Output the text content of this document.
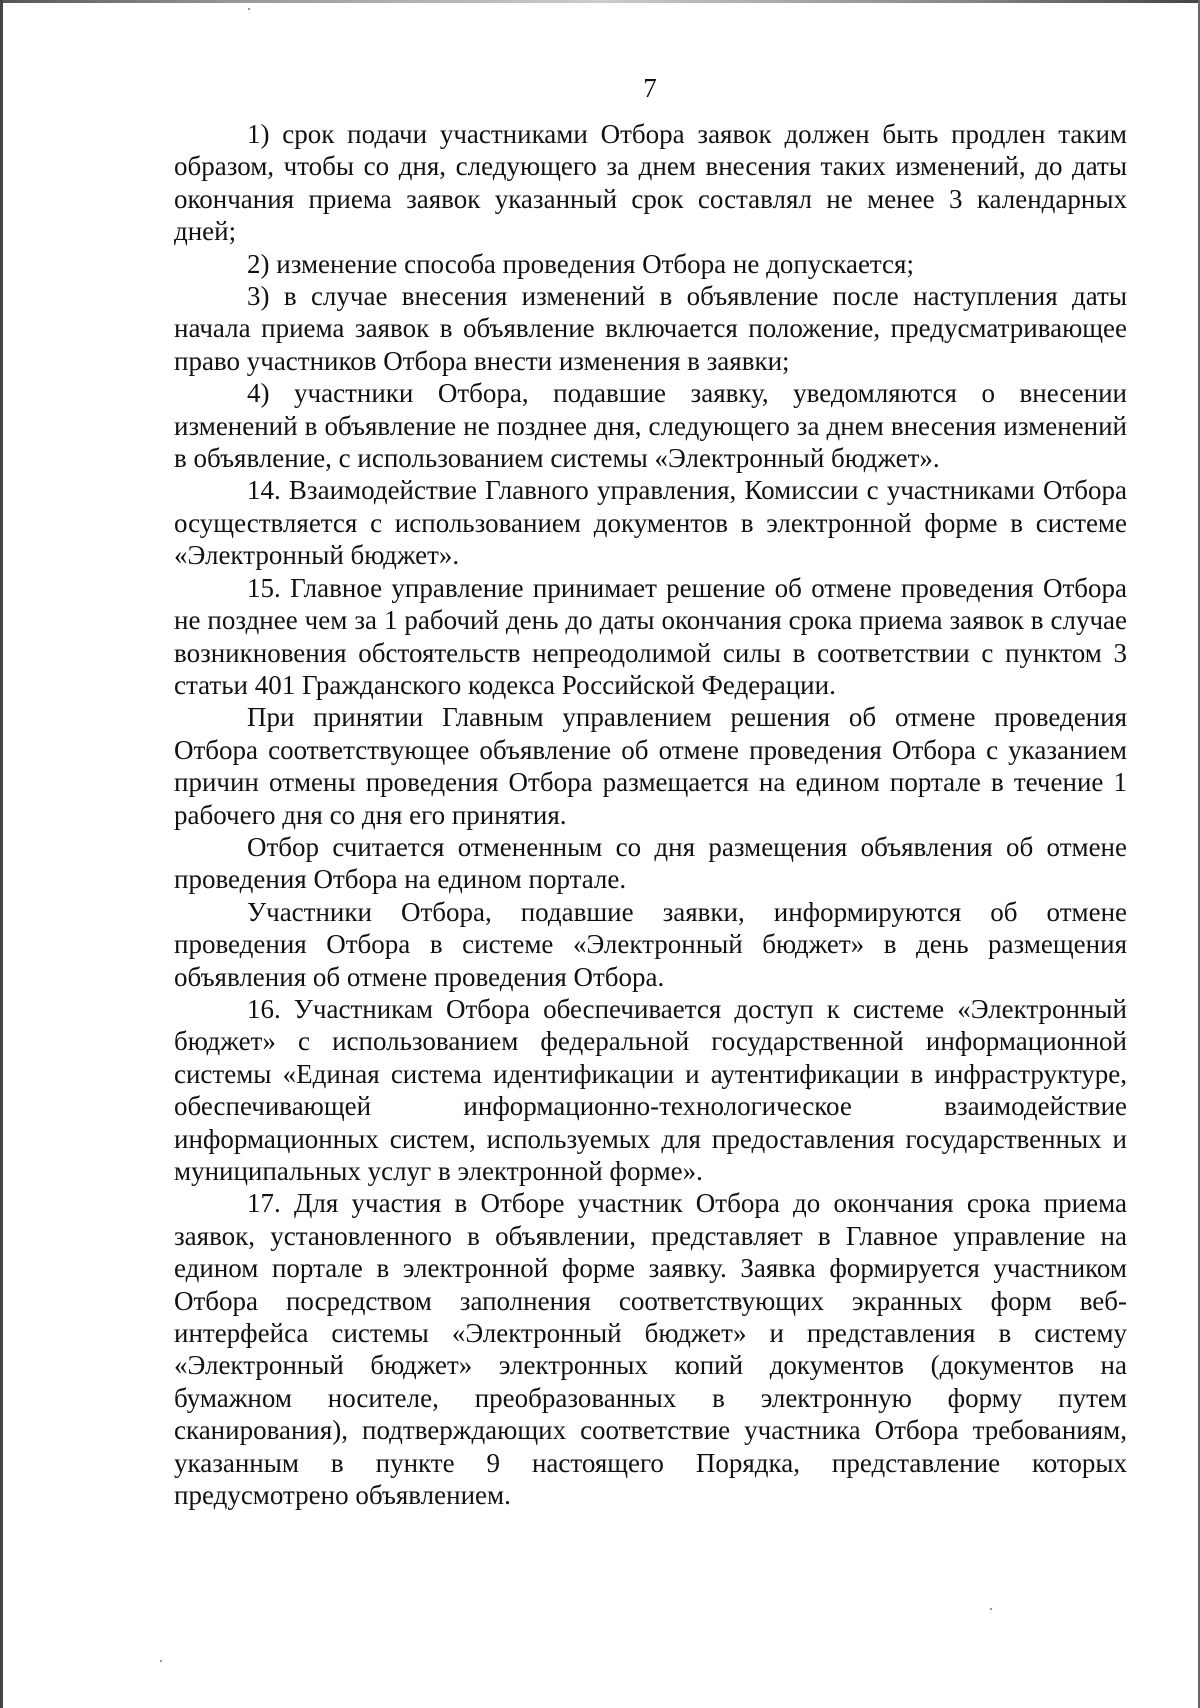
7

1) срок подачи участниками Отбора заявок должен быть продлен таким образом, чтобы со дня, следующего за днем внесения таких изменений, до даты окончания приема заявок указанный срок составлял не менее 3 календарных дней;

2) изменение способа проведения Отбора не допускается;

3) в случае внесения изменений в объявление после наступления даты начала приема заявок в объявление включается положение, предусматривающее право участников Отбора внести изменения в заявки;

4) участники Отбора, подавшие заявку, уведомляются о внесении изменений в объявление не позднее дня, следующего за днем внесения изменений в объявление, с использованием системы «Электронный бюджет».

14. Взаимодействие Главного управления, Комиссии с участниками Отбора осуществляется с использованием документов в электронной форме в системе «Электронный бюджет».

15. Главное управление принимает решение об отмене проведения Отбора не позднее чем за 1 рабочий день до даты окончания срока приема заявок в случае возникновения обстоятельств непреодолимой силы в соответствии с пунктом 3 статьи 401 Гражданского кодекса Российской Федерации.

При принятии Главным управлением решения об отмене проведения Отбора соответствующее объявление об отмене проведения Отбора с указанием причин отмены проведения Отбора размещается на едином портале в течение 1 рабочего дня со дня его принятия.

Отбор считается отмененным со дня размещения объявления об отмене проведения Отбора на едином портале.

Участники Отбора, подавшие заявки, информируются об отмене проведения Отбора в системе «Электронный бюджет» в день размещения объявления об отмене проведения Отбора.

16. Участникам Отбора обеспечивается доступ к системе «Электронный бюджет» с использованием федеральной государственной информационной системы «Единая система идентификации и аутентификации в инфраструктуре, обеспечивающей информационно-технологическое взаимодействие информационных систем, используемых для предоставления государственных и муниципальных услуг в электронной форме».

17. Для участия в Отборе участник Отбора до окончания срока приема заявок, установленного в объявлении, представляет в Главное управление на едином портале в электронной форме заявку. Заявка формируется участником Отбора посредством заполнения соответствующих экранных форм веб-интерфейса системы «Электронный бюджет» и представления в систему «Электронный бюджет» электронных копий документов (документов на бумажном носителе, преобразованных в электронную форму путем сканирования), подтверждающих соответствие участника Отбора требованиям, указанным в пункте 9 настоящего Порядка, представление которых предусмотрено объявлением.
